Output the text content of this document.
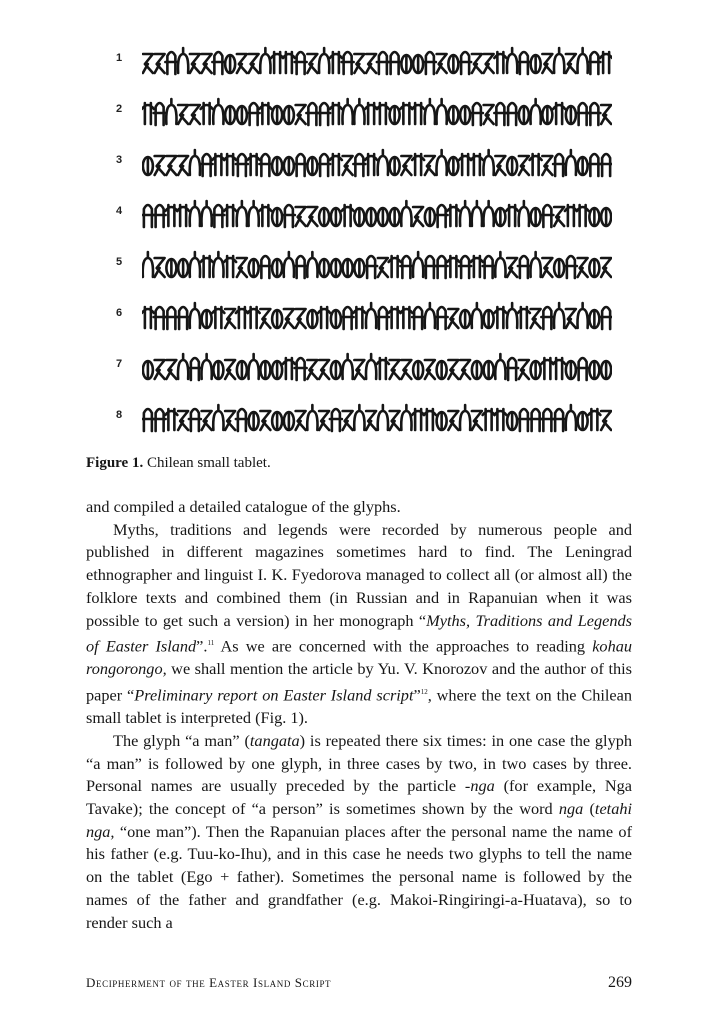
1
2
3
4
5
6
7
8
Figure 1. Chilean small tablet.

and compiled a detailed catalogue of the glyphs.

Myths, traditions and legends were recorded by numerous people and published in different magazines sometimes hard to find. The Leningrad ethnographer and linguist I. K. Fyedorova managed to collect all (or almost all) the folklore texts and combined them (in Russian and in Rapanuian when it was possible to get such a version) in her monograph “Myths, Traditions and Legends of Easter Island”.$^{11}$ As we are concerned with the approaches to reading kohau rongorongo, we shall mention the article by Yu. V. Knorozov and the author of this paper “Preliminary report on Easter Island script”$^{12}$, where the text on the Chilean small tablet is interpreted (Fig. 1).

The glyph “a man” (tangata) is repeated there six times: in one case the glyph “a man” is followed by one glyph, in three cases by two, in two cases by three. Personal names are usually preceded by the particle -nga (for example, Nga Tavake); the concept of “a person” is sometimes shown by the word nga (tetahi nga, “one man”). Then the Rapanuian places after the personal name the name of his father (e.g. Tuu-ko-Ihu), and in this case he needs two glyphs to tell the name on the tablet (Ego + father). Sometimes the personal name is followed by the names of the father and grandfather (e.g. Makoi-Ringiringi-a-Huatava), so to render such a

Decipherment of the Easter Island Script	269
